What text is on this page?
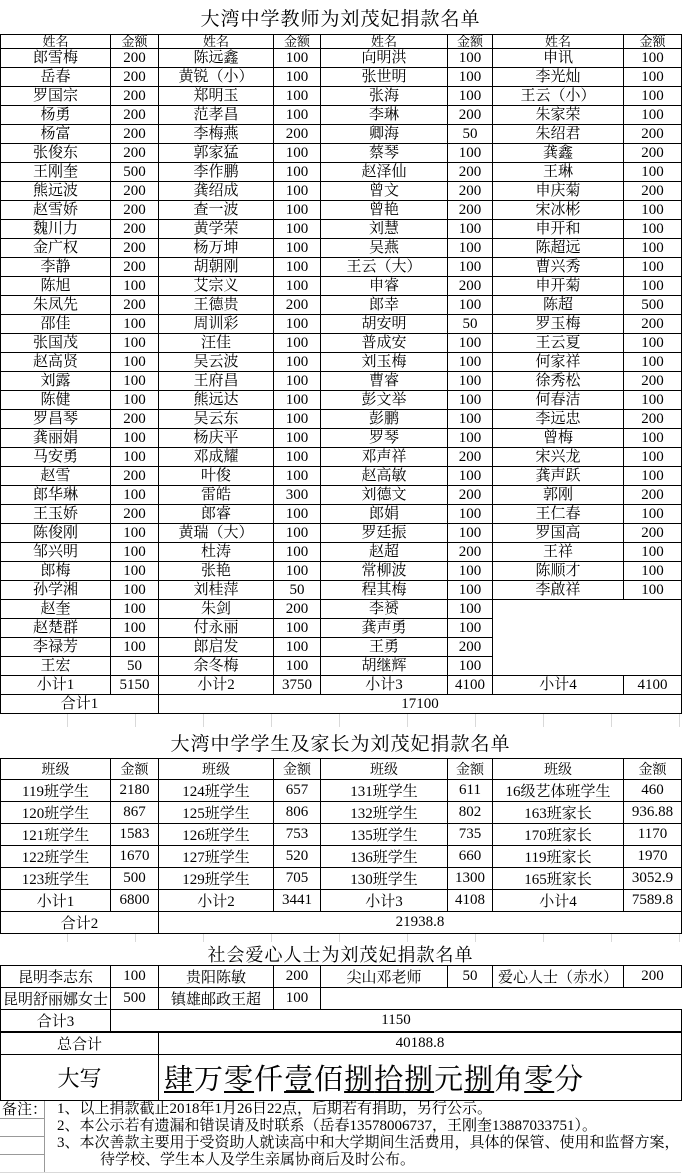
大湾中学教师为刘茂妃捐款名单
姓名	金额	姓名	金额	姓名	金额	姓名	金额
郎雪梅	200	陈远鑫	100	向明洪	100	申讯	100
岳春	200	黄锐（小）	100	张世明	100	李光灿	100
罗国宗	200	郑明玉	100	张海	100	王云（小）	100
杨勇	200	范孝昌	100	李琳	200	朱家荣	100
杨富	200	李梅燕	200	卿海	50	朱绍君	200
张俊东	200	郭家猛	100	蔡琴	100	龚鑫	200
王刚奎	500	李作鹏	100	赵泽仙	200	王琳	100
熊远波	200	龚绍成	100	曾文	200	申庆菊	200
赵雪娇	200	查一波	100	曾艳	200	宋冰彬	100
魏川力	200	黄学荣	100	刘慧	100	申开和	100
金广权	200	杨万坤	100	吴燕	100	陈超远	100
李静	200	胡朝刚	100	王云（大）	100	曹兴秀	100
陈旭	100	艾宗义	100	申睿	200	申开菊	100
朱凤先	200	王德贵	200	郎幸	100	陈超	500
邵佳	100	周训彩	100	胡安明	50	罗玉梅	200
张国茂	100	汪佳	100	普成安	100	王云夏	100
赵高贤	100	吴云波	100	刘玉梅	100	何家祥	100
刘露	100	王府昌	100	曹睿	100	徐秀松	200
陈健	100	熊远达	100	彭文举	100	何春洁	100
罗昌琴	200	吴云东	100	彭鹏	100	李远忠	200
龚丽娟	100	杨庆平	100	罗琴	100	曾梅	100
马安勇	100	邓成耀	100	邓声祥	200	宋兴龙	100
赵雪	200	叶俊	100	赵高敏	100	龚声跃	100
郎华琳	100	雷皓	300	刘德文	200	郭刚	200
王玉娇	200	郎睿	100	郎娟	100	王仁春	100
陈俊刚	100	黄瑞（大）	100	罗廷振	100	罗国高	200
邹兴明	100	杜涛	100	赵超	200	王祥	100
郎梅	100	张艳	100	常柳波	100	陈顺才	100
孙学湘	100	刘桂萍	50	程其梅	100	李啟祥	100
赵奎	100	朱剑	200	李赟	100		
赵楚群	100	付永丽	100	龚声勇	100		
李禄芳	100	郎启发	100	王勇	200		
王宏	50	余冬梅	100	胡继辉	100		
小计1	5150	小计2	3750	小计3	4100	小计4	4100
合计1		17100					
大湾中学学生及家长为刘茂妃捐款名单
班级	金额	班级	金额	班级	金额	班级	金额
119班学生	2180	124班学生	657	131班学生	611	16级艺体班学生	460
120班学生	867	125班学生	806	132班学生	802	163班家长	936.88
121班学生	1583	126班学生	753	135班学生	735	170班家长	1170
122班学生	1670	127班学生	520	136班学生	660	119班家长	1970
123班学生	500	129班学生	705	130班学生	1300	165班家长	3052.9
小计1	6800	小计2	3441	小计3	4108	小计4	7589.8
合计2		21938.8					
社会爱心人士为刘茂妃捐款名单
昆明李志东	100	贵阳陈敏	200	尖山邓老师	50	爱心人士（赤水）	200
昆明舒丽娜女士	500	镇雄邮政王超	100				
合计3	1150						
总合计	40188.8
大写	肆万零仟壹佰捌拾捌元捌角零分
备注： 1、以上捐款截止2018年1月26日22点，后期若有捐助，另行公示。
2、本公示若有遗漏和错误请及时联系（岳春13578006737，王刚奎13887033751）。
3、本次善款主要用于受资助人就读高中和大学期间生活费用，具体的保管、使用和监督方案，
待学校、学生本人及学生亲属协商后及时公布。
